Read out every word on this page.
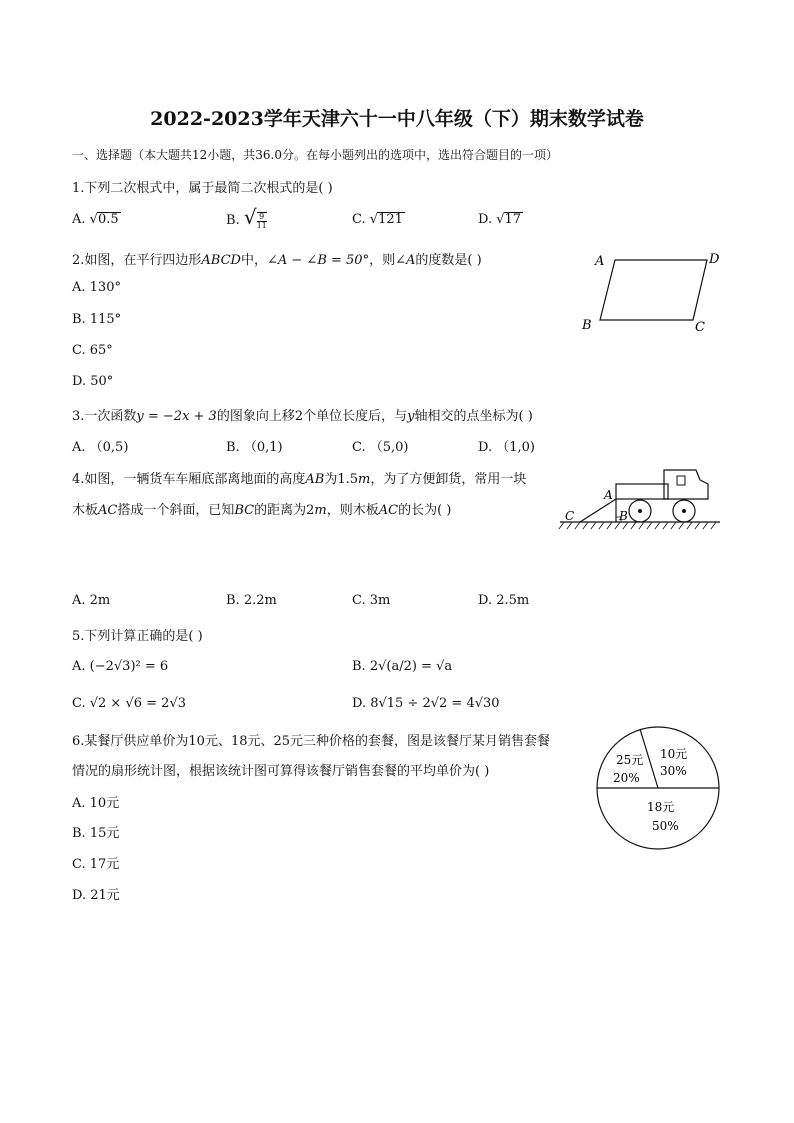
2022-2023学年天津六十一中八年级（下）期末数学试卷
一、选择题（本大题共12小题，共36.0分。在每小题列出的选项中，选出符合题目的一项）
1.下列二次根式中，属于最简二次根式的是( )
A. √0.5	B. √ $\frac{9}{11}$	C. √121	D. √17
2.如图，在平行四边形ABCD中，∠A − ∠B = 50°，则∠A的度数是( )
A. 130°
B. 115°
C. 65°
D. 50°
A	D
B	C
3.一次函数y = −2x + 3的图象向上移2个单位长度后，与y轴相交的点坐标为( )
A. （0,5)	B. （0,1)	C. （5,0)	D. （1,0)
4.如图，一辆货车车厢底部离地面的高度AB为1.5m，为了方便卸货，常用一块
木板AC搭成一个斜面，已知BC的距离为2m，则木板AC的长为( )
A
B
C
A. 2m	B. 2.2m	C. 3m	D. 2.5m
5.下列计算正确的是( )
A. (−2√3)² = 6	B. 2√(a/2) = √a
C. √2 × √6 = 2√3	D. 8√15 ÷ 2√2 = 4√30
6.某餐厅供应单价为10元、18元、25元三种价格的套餐，图是该餐厅某月销售套餐
情况的扇形统计图，根据该统计图可算得该餐厅销售套餐的平均单价为( )
A. 10元
B. 15元
C. 17元
D. 21元
25元
20%
10元
30%
18元
50%
